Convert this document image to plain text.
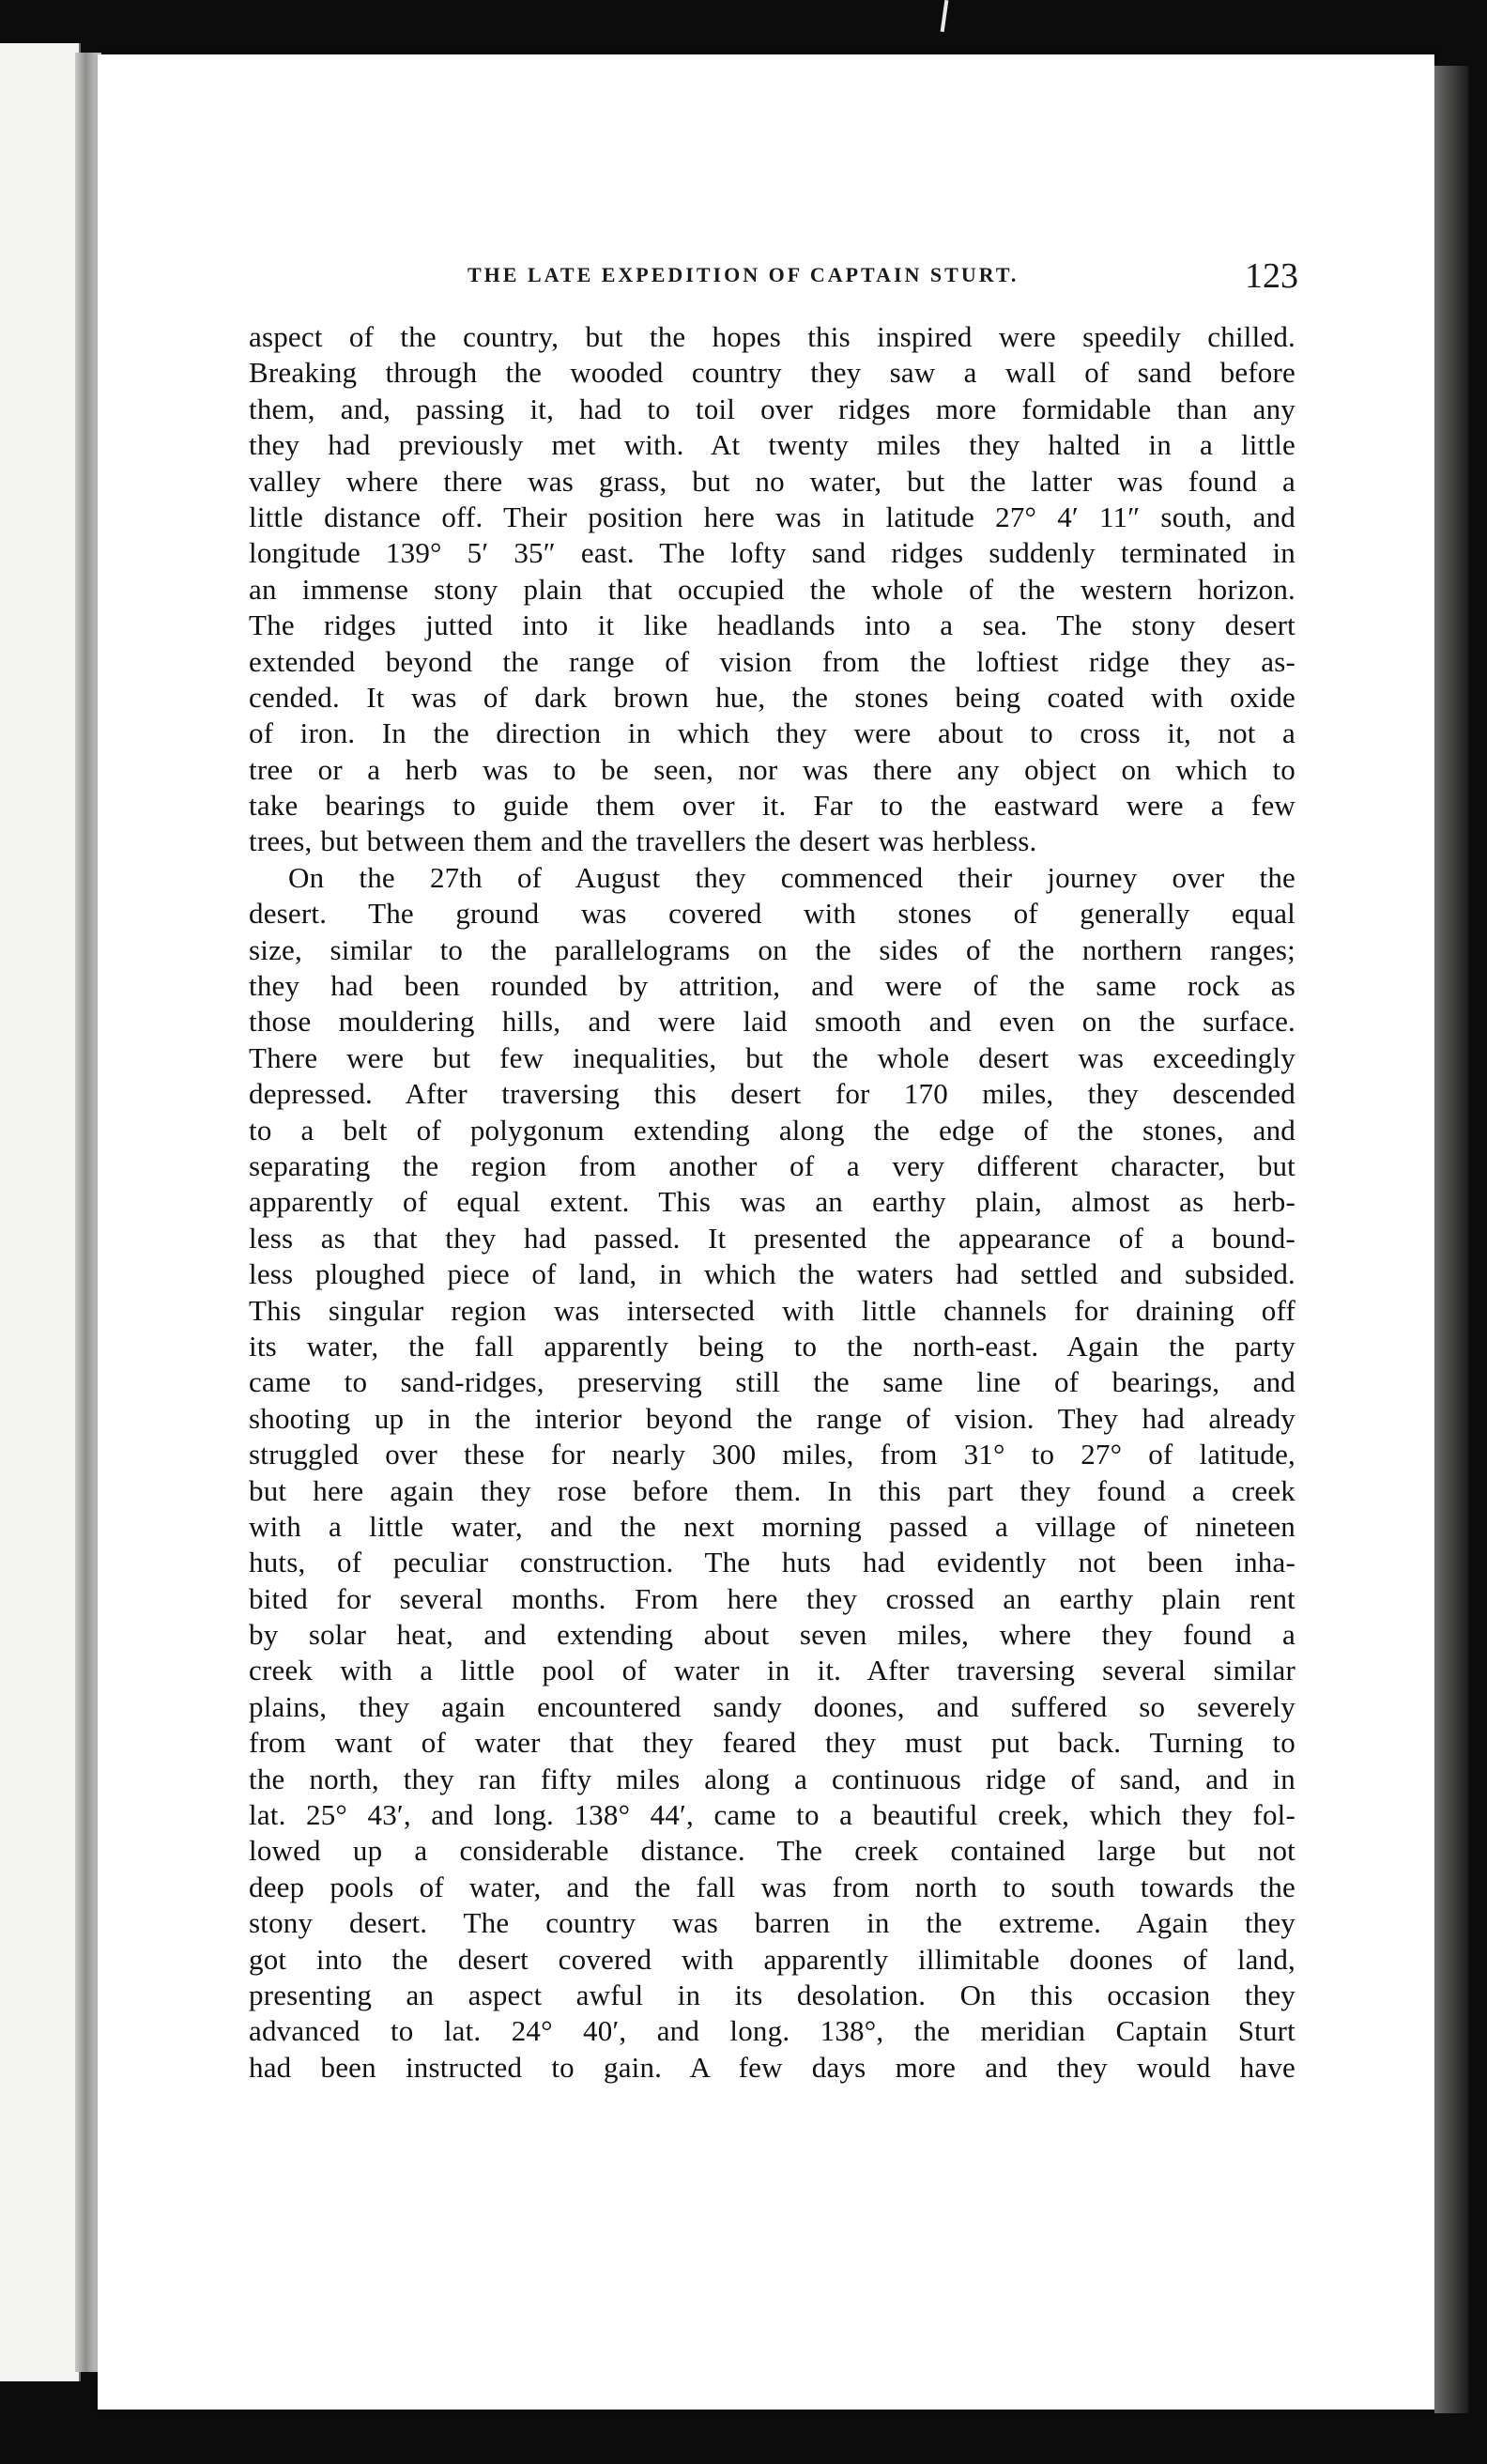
THE LATE EXPEDITION OF CAPTAIN STURT.	123
aspect of the country, but the hopes this inspired were speedily chilled.
Breaking through the wooded country they saw a wall of sand before
them, and, passing it, had to toil over ridges more formidable than any
they had previously met with. At twenty miles they halted in a little
valley where there was grass, but no water, but the latter was found a
little distance off. Their position here was in latitude 27° 4′ 11″ south, and
longitude 139° 5′ 35″ east. The lofty sand ridges suddenly terminated in
an immense stony plain that occupied the whole of the western horizon.
The ridges jutted into it like headlands into a sea. The stony desert
extended beyond the range of vision from the loftiest ridge they as-
cended. It was of dark brown hue, the stones being coated with oxide
of iron. In the direction in which they were about to cross it, not a
tree or a herb was to be seen, nor was there any object on which to
take bearings to guide them over it. Far to the eastward were a few
trees, but between them and the travellers the desert was herbless.
On the 27th of August they commenced their journey over the
desert. The ground was covered with stones of generally equal
size, similar to the parallelograms on the sides of the northern ranges;
they had been rounded by attrition, and were of the same rock as
those mouldering hills, and were laid smooth and even on the surface.
There were but few inequalities, but the whole desert was exceedingly
depressed. After traversing this desert for 170 miles, they descended
to a belt of polygonum extending along the edge of the stones, and
separating the region from another of a very different character, but
apparently of equal extent. This was an earthy plain, almost as herb-
less as that they had passed. It presented the appearance of a bound-
less ploughed piece of land, in which the waters had settled and subsided.
This singular region was intersected with little channels for draining off
its water, the fall apparently being to the north-east. Again the party
came to sand-ridges, preserving still the same line of bearings, and
shooting up in the interior beyond the range of vision. They had already
struggled over these for nearly 300 miles, from 31° to 27° of latitude,
but here again they rose before them. In this part they found a creek
with a little water, and the next morning passed a village of nineteen
huts, of peculiar construction. The huts had evidently not been inha-
bited for several months. From here they crossed an earthy plain rent
by solar heat, and extending about seven miles, where they found a
creek with a little pool of water in it. After traversing several similar
plains, they again encountered sandy doones, and suffered so severely
from want of water that they feared they must put back. Turning to
the north, they ran fifty miles along a continuous ridge of sand, and in
lat. 25° 43′, and long. 138° 44′, came to a beautiful creek, which they fol-
lowed up a considerable distance. The creek contained large but not
deep pools of water, and the fall was from north to south towards the
stony desert. The country was barren in the extreme. Again they
got into the desert covered with apparently illimitable doones of land,
presenting an aspect awful in its desolation. On this occasion they
advanced to lat. 24° 40′, and long. 138°, the meridian Captain Sturt
had been instructed to gain. A few days more and they would have
